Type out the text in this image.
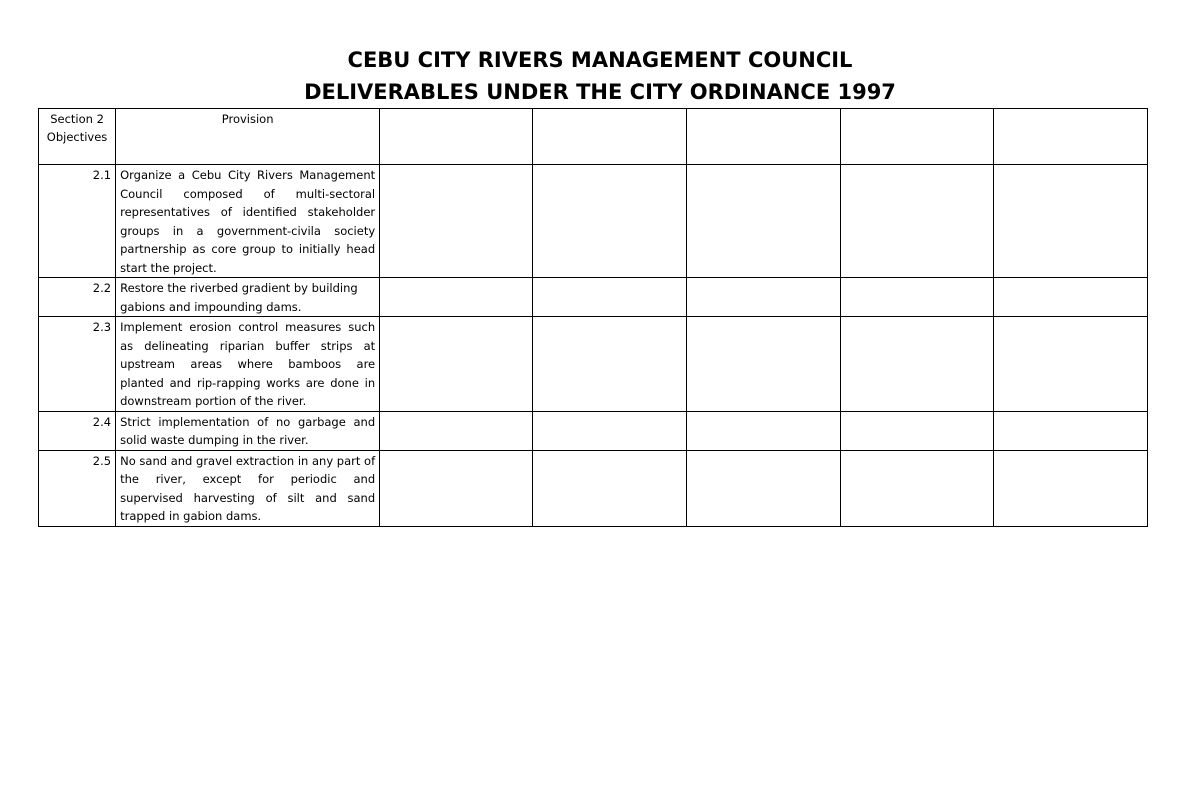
CEBU CITY RIVERS MANAGEMENT COUNCIL
DELIVERABLES UNDER THE CITY ORDINANCE 1997
Section 2 Objectives	Provision					
2.1	Organize a Cebu City Rivers Management Council composed of multi-sectoral representatives of identified stakeholder groups in a government-civila society partnership as core group to initially head start the project.					
2.2	Restore the riverbed gradient by building gabions and impounding dams.					
2.3	Implement erosion control measures such as delineating riparian buffer strips at upstream areas where bamboos are planted and rip-rapping works are done in downstream portion of the river.					
2.4	Strict implementation of no garbage and solid waste dumping in the river.					
2.5	No sand and gravel extraction in any part of the river, except for periodic and supervised harvesting of silt and sand trapped in gabion dams.					
